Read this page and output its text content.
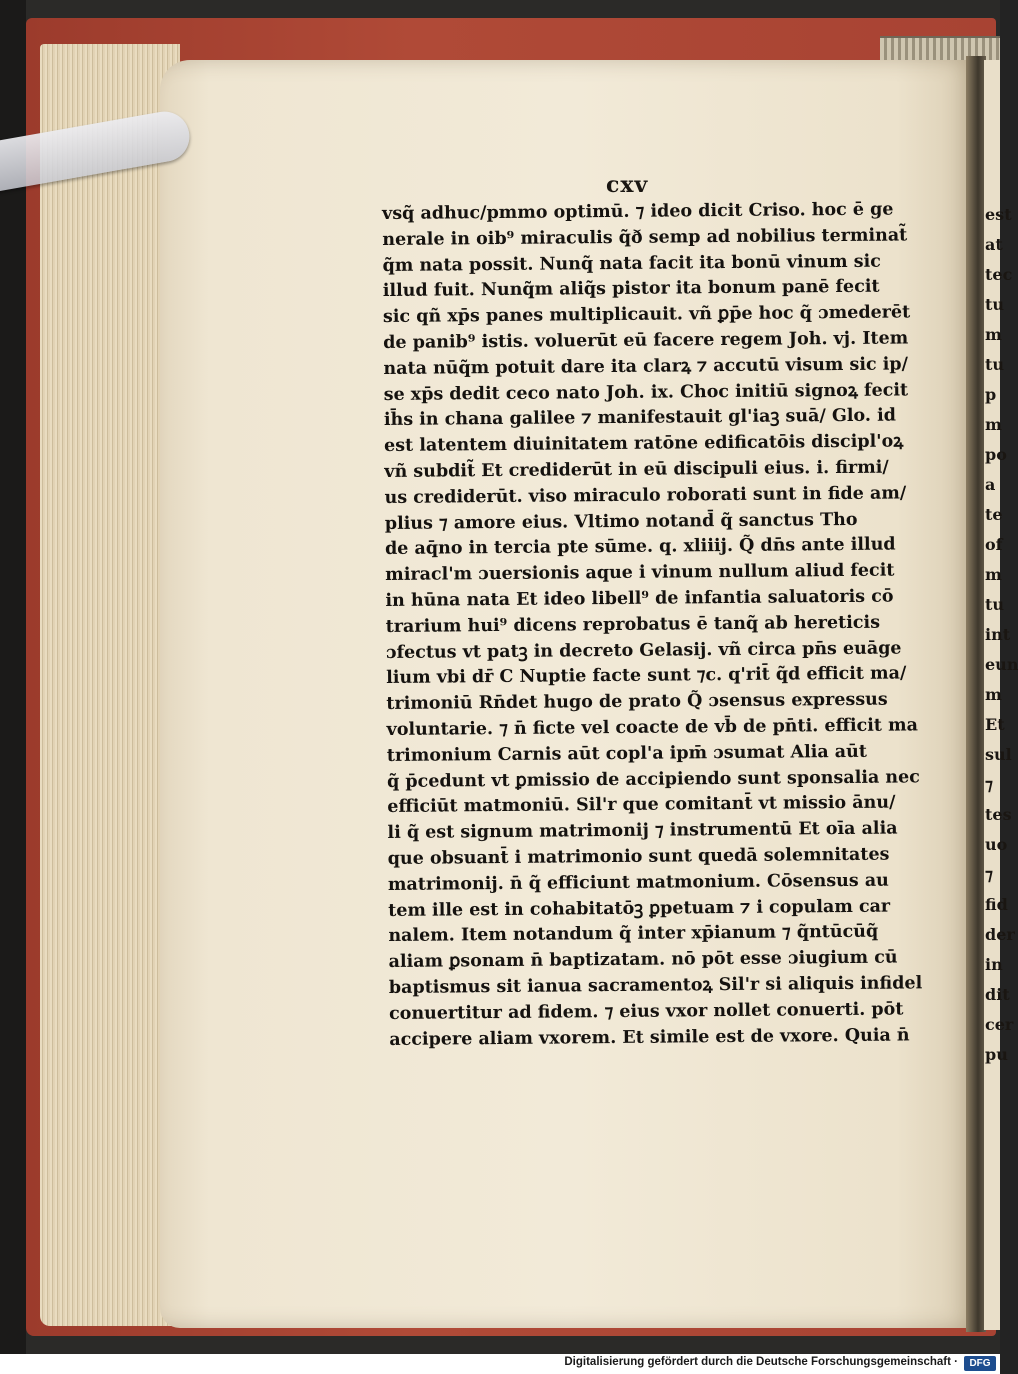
cxv
vsq̃ adhuc/pmmo optimū. ⁊ ideo dicit Criso. hoc ē ge
nerale in oib⁹ miraculis q̃ð semp ad nobilius terminat̃
q̃m nata possit. Nunq̃ nata facit ita bonū vinum sic
illud fuit. Nunq̃m aliq̃s pistor ita bonum panē fecit
sic qñ xp̄s panes multiplicauit. vñ ꝑp̄e hoc q̃ ɔmederēt
de panib⁹ istis. voluerūt eū facere regem Joh. vj. Item
nata nūq̃m potuit dare ita clarꝝ ⁊ accutū visum sic ip/
se xp̄s dedit ceco nato Joh. ix. Choc initiū signoꝝ fecit
ih̄s in chana galilee ⁊ manifestauit gl'iaꝫ suā/ Glo. id
est latentem diuinitatem ratōne edificatōis discipl'oꝝ
vñ subdit̃ Et crediderūt in eū discipuli eius. i. firmi/
us crediderūt. viso miraculo roborati sunt in fide am/
plius ⁊ amore eius. Vltimo notand̄ q̃ sanctus Tho
de aq̄no in tercia pte sūme. q. xliiij. Q̃ dn̄s ante illud
miracl'm ɔuersionis aque i vinum nullum aliud fecit
in hūna nata Et ideo libell⁹ de infantia saluatoris cō
trarium hui⁹ dicens reprobatus ē tanq̃ ab hereticis
ɔfectus vt patꝫ in decreto Gelasij. vñ circa pn̄s euāge
lium vbi dr̄ C Nuptie facte sunt ⁊c. q'rit̄ q̃d efficit ma/
trimoniū Rn̄det hugo de prato Q̃ ɔsensus expressus
voluntarie. ⁊ n̄ ficte vel coacte de vb̄ de pn̄ti. efficit ma
trimonium Carnis aūt copl'a ipm̄ ɔsumat Alia aūt
q̃ p̄cedunt vt ꝑmissio de accipiendo sunt sponsalia nec
efficiūt matmoniū. Sil'r que comitant̄ vt missio ānu/
li q̃ est signum matrimonij ⁊ instrumentū Et oīa alia
que obsuant̄ i matrimonio sunt quedā solemnitates
matrimonij. n̄ q̃ efficiunt matmonium. Cōsensus au
tem ille est in cohabitatōꝫ ꝑpetuam ⁊ i copulam car
nalem. Item notandum q̃ inter xp̄ianum ⁊ q̃ntūcūq̃
aliam ꝑsonam n̄ baptizatam. nō pōt esse ɔiugium cū
baptismus sit ianua sacramentoꝝ Sil'r si aliquis infidel
conuertitur ad fidem. ⁊ eius vxor nollet conuerti. pōt
accipere aliam vxorem. Et simile est de vxore. Quia n̄
est
at
tec
tu
m
tu
p
m
po
a
te
of
m
tu
int
eun
m
Et
sul
⁊
tes
uo
⁊
fid
der
in
dit
cer
pu
Digitalisierung gefördert durch die Deutsche Forschungsgemeinschaft ·	DFG
